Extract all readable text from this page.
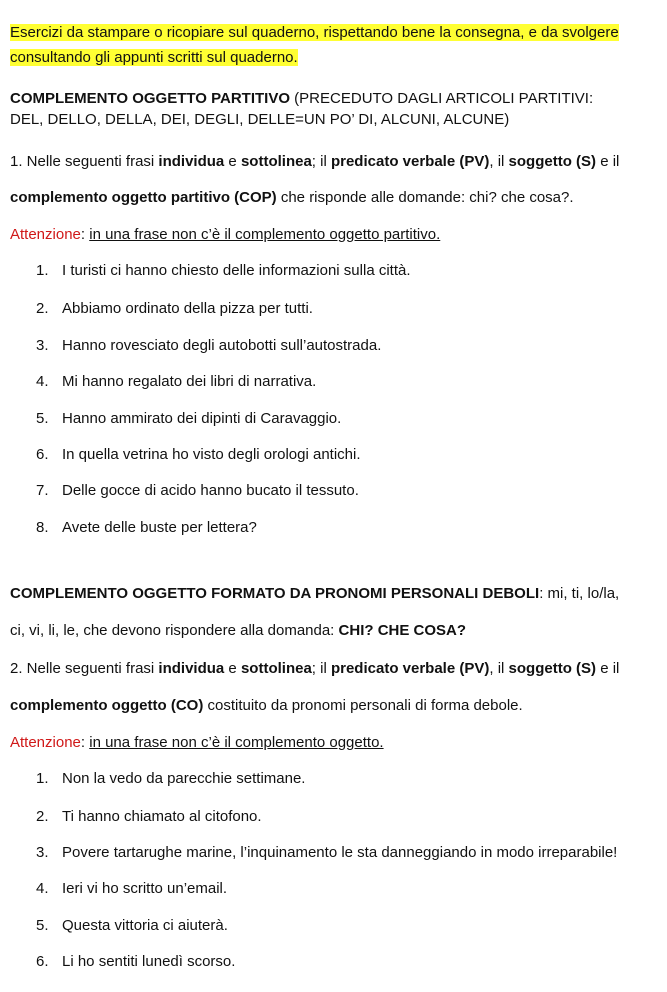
Esercizi da stampare o ricopiare sul quaderno, rispettando bene la consegna, e da svolgere
consultando gli appunti scritti sul quaderno.
COMPLEMENTO OGGETTO PARTITIVO (PRECEDUTO DAGLI ARTICOLI PARTITIVI:
DEL, DELLO, DELLA, DEI, DEGLI, DELLE=UN PO’ DI, ALCUNI, ALCUNE)
1. Nelle seguenti frasi individua e sottolinea; il predicato verbale (PV), il soggetto (S) e il
complemento oggetto partitivo (COP) che risponde alle domande: chi? che cosa?.
Attenzione: in una frase non c’è il complemento oggetto partitivo.
1. I turisti ci hanno chiesto delle informazioni sulla città.
2. Abbiamo ordinato della pizza per tutti.
3. Hanno rovesciato degli autobotti sull’autostrada.
4. Mi hanno regalato dei libri di narrativa.
5. Hanno ammirato dei dipinti di Caravaggio.
6. In quella vetrina ho visto degli orologi antichi.
7. Delle gocce di acido hanno bucato il tessuto.
8. Avete delle buste per lettera?
COMPLEMENTO OGGETTO FORMATO DA PRONOMI PERSONALI DEBOLI: mi, ti, lo/la,
ci, vi, li, le, che devono rispondere alla domanda: CHI? CHE COSA?
2. Nelle seguenti frasi individua e sottolinea; il predicato verbale (PV), il soggetto (S) e il
complemento oggetto (CO) costituito da pronomi personali di forma debole.
Attenzione: in una frase non c’è il complemento oggetto.
1. Non la vedo da parecchie settimane.
2. Ti hanno chiamato al citofono.
3. Povere tartarughe marine, l’inquinamento le sta danneggiando in modo irreparabile!
4. Ieri vi ho scritto un’email.
5. Questa vittoria ci aiuterà.
6. Li ho sentiti lunedì scorso.
